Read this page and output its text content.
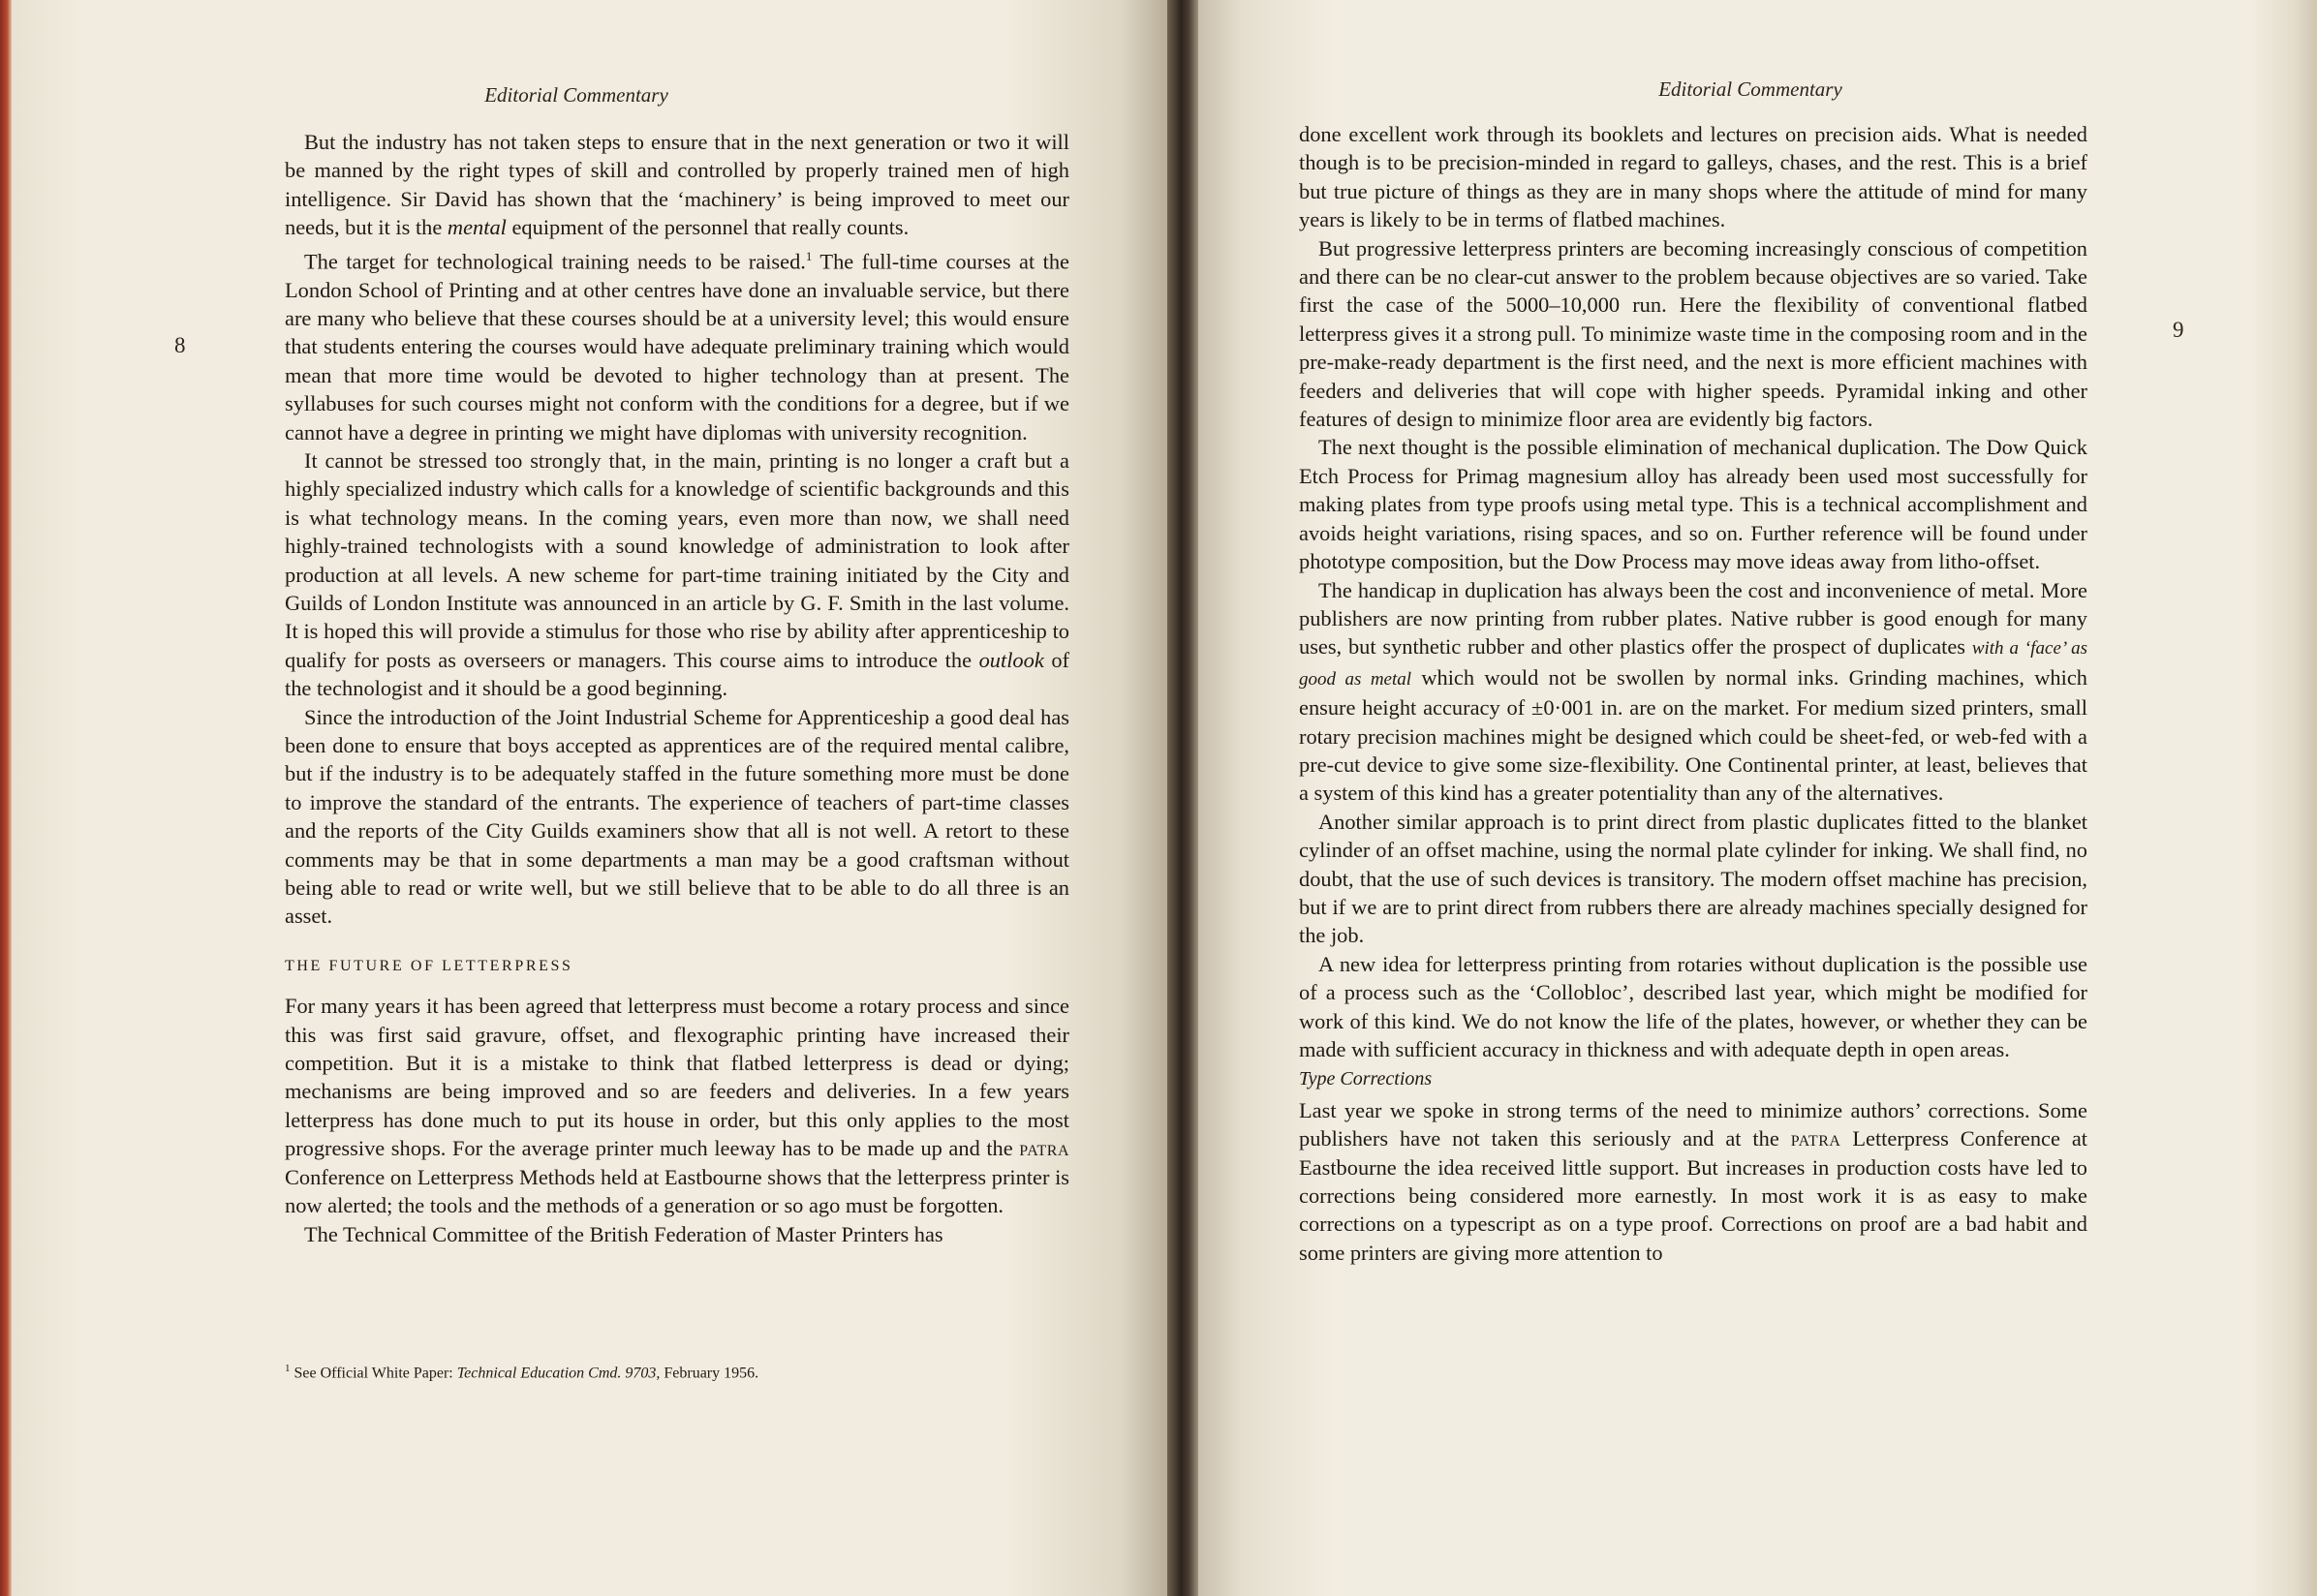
Editorial Commentary
8

But the industry has not taken steps to ensure that in the next generation or two it will be manned by the right types of skill and controlled by properly trained men of high intelligence. Sir David has shown that the ‘machinery’ is being improved to meet our needs, but it is the mental equipment of the personnel that really counts.

The target for technological training needs to be raised.$^1$ The full-time courses at the London School of Printing and at other centres have done an invaluable service, but there are many who believe that these courses should be at a university level; this would ensure that students entering the courses would have adequate preliminary training which would mean that more time would be devoted to higher technology than at present. The syllabuses for such courses might not conform with the conditions for a degree, but if we cannot have a degree in printing we might have diplomas with university recognition.

It cannot be stressed too strongly that, in the main, printing is no longer a craft but a highly specialized industry which calls for a knowledge of scientific backgrounds and this is what technology means. In the coming years, even more than now, we shall need highly-trained technologists with a sound knowledge of administration to look after production at all levels. A new scheme for part-time training initiated by the City and Guilds of London Institute was announced in an article by G. F. Smith in the last volume. It is hoped this will provide a stimulus for those who rise by ability after apprenticeship to qualify for posts as overseers or managers. This course aims to introduce the outlook of the technologist and it should be a good beginning.

Since the introduction of the Joint Industrial Scheme for Apprenticeship a good deal has been done to ensure that boys accepted as apprentices are of the required mental calibre, but if the industry is to be adequately staffed in the future something more must be done to improve the standard of the entrants. The experience of teachers of part-time classes and the reports of the City Guilds examiners show that all is not well. A retort to these comments may be that in some departments a man may be a good craftsman without being able to read or write well, but we still believe that to be able to do all three is an asset.

THE FUTURE OF LETTERPRESS

For many years it has been agreed that letterpress must become a rotary process and since this was first said gravure, offset, and flexographic printing have increased their competition. But it is a mistake to think that flatbed letterpress is dead or dying; mechanisms are being improved and so are feeders and deliveries. In a few years letterpress has done much to put its house in order, but this only applies to the most progressive shops. For the average printer much leeway has to be made up and the patra Conference on Letterpress Methods held at Eastbourne shows that the letterpress printer is now alerted; the tools and the methods of a generation or so ago must be forgotten.

The Technical Committee of the British Federation of Master Printers has

$^1$ See Official White Paper: Technical Education Cmd. 9703, February 1956.
Editorial Commentary
9

done excellent work through its booklets and lectures on precision aids. What is needed though is to be precision-minded in regard to galleys, chases, and the rest. This is a brief but true picture of things as they are in many shops where the attitude of mind for many years is likely to be in terms of flatbed machines.

But progressive letterpress printers are becoming increasingly conscious of competition and there can be no clear-cut answer to the problem because objectives are so varied. Take first the case of the 5000–10,000 run. Here the flexibility of conventional flatbed letterpress gives it a strong pull. To minimize waste time in the composing room and in the pre-make-ready department is the first need, and the next is more efficient machines with feeders and deliveries that will cope with higher speeds. Pyramidal inking and other features of design to minimize floor area are evidently big factors.

The next thought is the possible elimination of mechanical duplication. The Dow Quick Etch Process for Primag magnesium alloy has already been used most successfully for making plates from type proofs using metal type. This is a technical accomplishment and avoids height variations, rising spaces, and so on. Further reference will be found under phototype composition, but the Dow Process may move ideas away from litho-offset.

The handicap in duplication has always been the cost and inconvenience of metal. More publishers are now printing from rubber plates. Native rubber is good enough for many uses, but synthetic rubber and other plastics offer the prospect of duplicates with a ‘face’ as good as metal which would not be swollen by normal inks. Grinding machines, which ensure height accuracy of ±0·001 in. are on the market. For medium sized printers, small rotary precision machines might be designed which could be sheet-fed, or web-fed with a pre-cut device to give some size-flexibility. One Continental printer, at least, believes that a system of this kind has a greater potentiality than any of the alternatives.

Another similar approach is to print direct from plastic duplicates fitted to the blanket cylinder of an offset machine, using the normal plate cylinder for inking. We shall find, no doubt, that the use of such devices is transitory. The modern offset machine has precision, but if we are to print direct from rubbers there are already machines specially designed for the job.

A new idea for letterpress printing from rotaries without duplication is the possible use of a process such as the ‘Collobloc’, described last year, which might be modified for work of this kind. We do not know the life of the plates, however, or whether they can be made with sufficient accuracy in thickness and with adequate depth in open areas.

Type Corrections

Last year we spoke in strong terms of the need to minimize authors’ corrections. Some publishers have not taken this seriously and at the patra Letterpress Conference at Eastbourne the idea received little support. But increases in production costs have led to corrections being considered more earnestly. In most work it is as easy to make corrections on a typescript as on a type proof. Corrections on proof are a bad habit and some printers are giving more attention to
